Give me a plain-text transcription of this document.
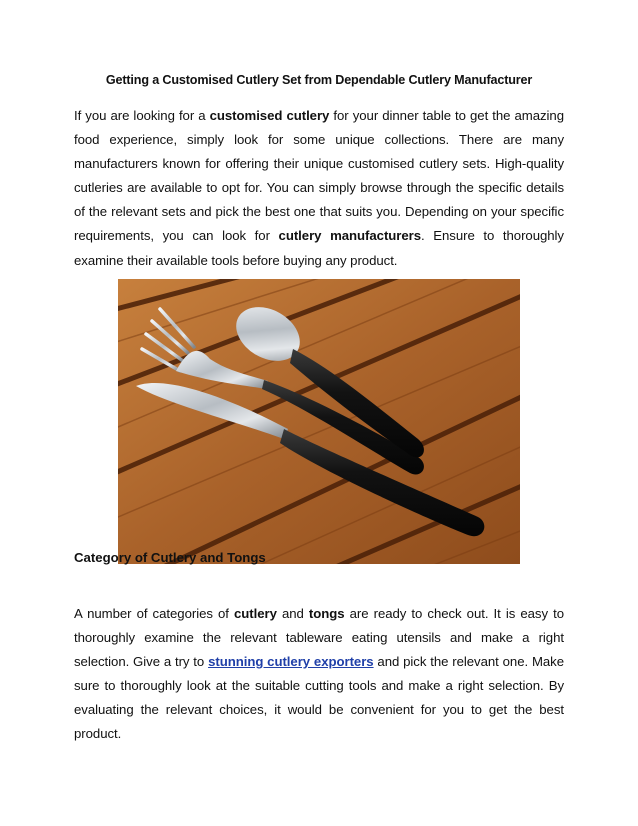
Getting a Customised Cutlery Set from Dependable Cutlery Manufacturer

If you are looking for a customised cutlery for your dinner table to get the amazing food experience, simply look for some unique collections. There are many manufacturers known for offering their unique customised cutlery sets. High-quality cutleries are available to opt for. You can simply browse through the specific details of the relevant sets and pick the best one that suits you. Depending on your specific requirements, you can look for cutlery manufacturers. Ensure to thoroughly examine their available tools before buying any product.

Category of Cutlery and Tongs

A number of categories of cutlery and tongs are ready to check out. It is easy to thoroughly examine the relevant tableware eating utensils and make a right selection. Give a try to stunning cutlery exporters and pick the relevant one. Make sure to thoroughly look at the suitable cutting tools and make a right selection. By evaluating the relevant choices, it would be convenient for you to get the best product.
